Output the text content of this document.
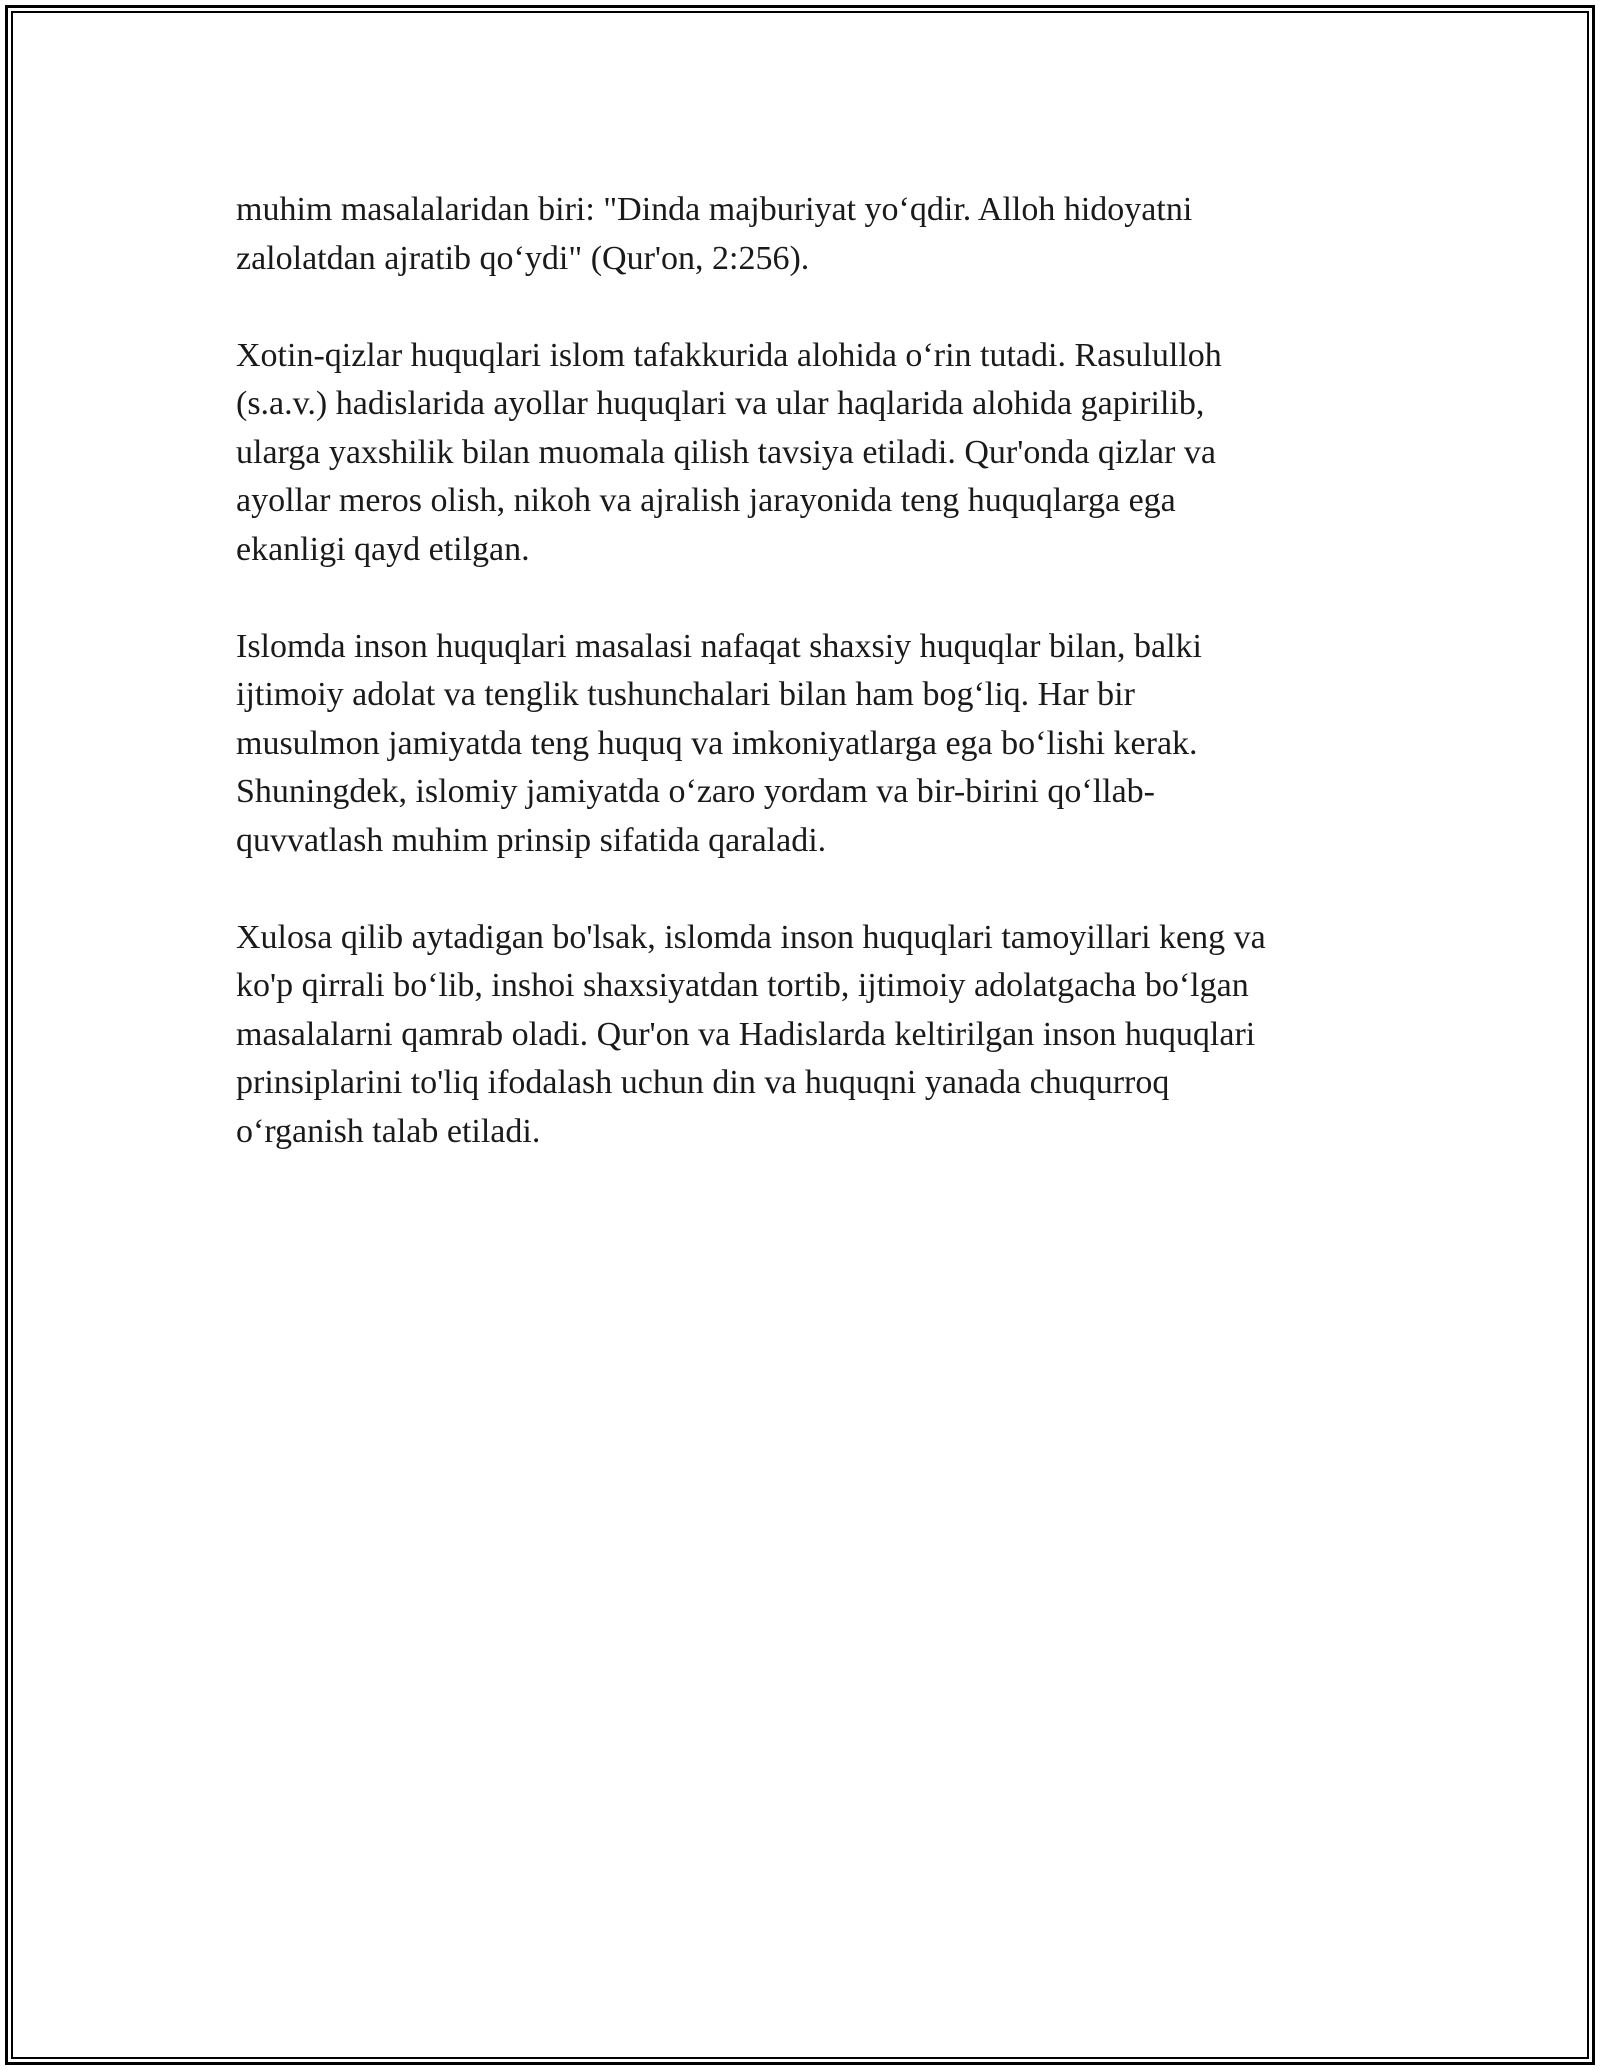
muhim masalalaridan biri: "Dinda majburiyat yo‘qdir. Alloh hidoyatni
zalolatdan ajratib qo‘ydi" (Qur'on, 2:256).

Xotin-qizlar huquqlari islom tafakkurida alohida o‘rin tutadi. Rasululloh
(s.a.v.) hadislarida ayollar huquqlari va ular haqlarida alohida gapirilib,
ularga yaxshilik bilan muomala qilish tavsiya etiladi. Qur'onda qizlar va
ayollar meros olish, nikoh va ajralish jarayonida teng huquqlarga ega
ekanligi qayd etilgan.

Islomda inson huquqlari masalasi nafaqat shaxsiy huquqlar bilan, balki
ijtimoiy adolat va tenglik tushunchalari bilan ham bog‘liq. Har bir
musulmon jamiyatda teng huquq va imkoniyatlarga ega bo‘lishi kerak.
Shuningdek, islomiy jamiyatda o‘zaro yordam va bir-birini qo‘llab-
quvvatlash muhim prinsip sifatida qaraladi.

Xulosa qilib aytadigan bo'lsak, islomda inson huquqlari tamoyillari keng va
ko'p qirrali bo‘lib, inshoi shaxsiyatdan tortib, ijtimoiy adolatgacha bo‘lgan
masalalarni qamrab oladi. Qur'on va Hadislarda keltirilgan inson huquqlari
prinsiplarini to'liq ifodalash uchun din va huquqni yanada chuqurroq
o‘rganish talab etiladi.
